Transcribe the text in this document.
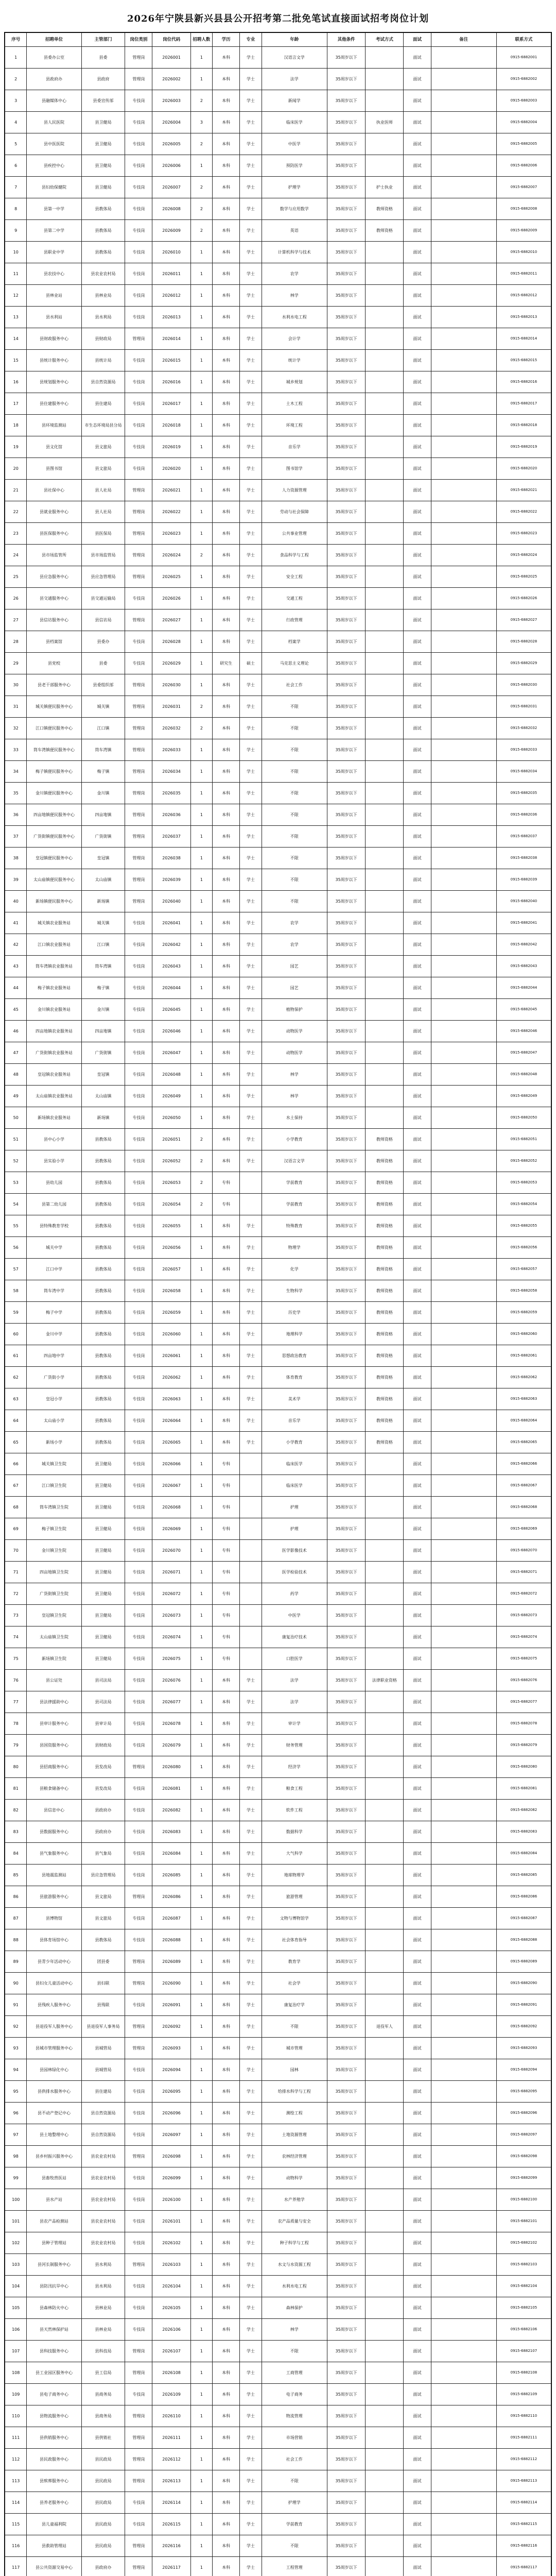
2026年宁陕县新兴县县公开招考第二批免笔试直接面试招考岗位计划
序号	招聘单位	主管部门	岗位类别	岗位代码	招聘人数	学历	专业	年龄	其他条件	考试方式	面试	备注	联系方式
1	县委办公室	县委	管理岗	2026001	1	本科	学士	汉语言文学	35周岁以下		面试		0915-6882001
2	县政府办	县政府	管理岗	2026002	1	本科	学士	法学	35周岁以下		面试		0915-6882002
3	县融媒体中心	县委宣传部	专技岗	2026003	2	本科	学士	新闻学	35周岁以下		面试		0915-6882003
4	县人民医院	县卫健局	专技岗	2026004	3	本科	学士	临床医学	35周岁以下	执业医师	面试		0915-6882004
5	县中医医院	县卫健局	专技岗	2026005	2	本科	学士	中医学	35周岁以下		面试		0915-6882005
6	县疾控中心	县卫健局	专技岗	2026006	1	本科	学士	预防医学	35周岁以下		面试		0915-6882006
7	县妇幼保健院	县卫健局	专技岗	2026007	2	本科	学士	护理学	35周岁以下	护士执业	面试		0915-6882007
8	县第一中学	县教体局	专技岗	2026008	2	本科	学士	数学与应用数学	35周岁以下	教师资格	面试		0915-6882008
9	县第二中学	县教体局	专技岗	2026009	2	本科	学士	英语	35周岁以下	教师资格	面试		0915-6882009
10	县职业中学	县教体局	专技岗	2026010	1	本科	学士	计算机科学与技术	35周岁以下		面试		0915-6882010
11	县农技中心	县农业农村局	专技岗	2026011	1	本科	学士	农学	35周岁以下		面试		0915-6882011
12	县林业站	县林业局	专技岗	2026012	1	本科	学士	林学	35周岁以下		面试		0915-6882012
13	县水利站	县水利局	专技岗	2026013	1	本科	学士	水利水电工程	35周岁以下		面试		0915-6882013
14	县财政服务中心	县财政局	管理岗	2026014	1	本科	学士	会计学	35周岁以下		面试		0915-6882014
15	县统计服务中心	县统计局	专技岗	2026015	1	本科	学士	统计学	35周岁以下		面试		0915-6882015
16	县规划服务中心	县自然资源局	专技岗	2026016	1	本科	学士	城乡规划	35周岁以下		面试		0915-6882016
17	县住建服务中心	县住建局	专技岗	2026017	1	本科	学士	土木工程	35周岁以下		面试		0915-6882017
18	县环境监测站	市生态环境局县分局	专技岗	2026018	1	本科	学士	环境工程	35周岁以下		面试		0915-6882018
19	县文化馆	县文旅局	专技岗	2026019	1	本科	学士	音乐学	35周岁以下		面试		0915-6882019
20	县图书馆	县文旅局	专技岗	2026020	1	本科	学士	图书馆学	35周岁以下		面试		0915-6882020
21	县社保中心	县人社局	管理岗	2026021	1	本科	学士	人力资源管理	35周岁以下		面试		0915-6882021
22	县就业服务中心	县人社局	管理岗	2026022	1	本科	学士	劳动与社会保障	35周岁以下		面试		0915-6882022
23	县医保服务中心	县医保局	管理岗	2026023	1	本科	学士	公共事业管理	35周岁以下		面试		0915-6882023
24	县市场监管所	县市场监管局	管理岗	2026024	2	本科	学士	食品科学与工程	35周岁以下		面试		0915-6882024
25	县应急服务中心	县应急管理局	管理岗	2026025	1	本科	学士	安全工程	35周岁以下		面试		0915-6882025
26	县交通服务中心	县交通运输局	专技岗	2026026	1	本科	学士	交通工程	35周岁以下		面试		0915-6882026
27	县信访服务中心	县信访局	管理岗	2026027	1	本科	学士	行政管理	35周岁以下		面试		0915-6882027
28	县档案馆	县委办	专技岗	2026028	1	本科	学士	档案学	35周岁以下		面试		0915-6882028
29	县党校	县委	专技岗	2026029	1	研究生	硕士	马克思主义理论	35周岁以下		面试		0915-6882029
30	县老干部服务中心	县委组织部	管理岗	2026030	1	本科	学士	社会工作	35周岁以下		面试		0915-6882030
31	城关镇便民服务中心	城关镇	管理岗	2026031	2	本科	学士	不限	35周岁以下		面试		0915-6882031
32	江口镇便民服务中心	江口镇	管理岗	2026032	2	本科	学士	不限	35周岁以下		面试		0915-6882032
33	筒车湾镇便民服务中心	筒车湾镇	管理岗	2026033	1	本科	学士	不限	35周岁以下		面试		0915-6882033
34	梅子镇便民服务中心	梅子镇	管理岗	2026034	1	本科	学士	不限	35周岁以下		面试		0915-6882034
35	金川镇便民服务中心	金川镇	管理岗	2026035	1	本科	学士	不限	35周岁以下		面试		0915-6882035
36	四亩地镇便民服务中心	四亩地镇	管理岗	2026036	1	本科	学士	不限	35周岁以下		面试		0915-6882036
37	广货街镇便民服务中心	广货街镇	管理岗	2026037	1	本科	学士	不限	35周岁以下		面试		0915-6882037
38	皇冠镇便民服务中心	皇冠镇	管理岗	2026038	1	本科	学士	不限	35周岁以下		面试		0915-6882038
39	太山庙镇便民服务中心	太山庙镇	管理岗	2026039	1	本科	学士	不限	35周岁以下		面试		0915-6882039
40	新场镇便民服务中心	新场镇	管理岗	2026040	1	本科	学士	不限	35周岁以下		面试		0915-6882040
41	城关镇农业服务站	城关镇	专技岗	2026041	1	本科	学士	农学	35周岁以下		面试		0915-6882041
42	江口镇农业服务站	江口镇	专技岗	2026042	1	本科	学士	农学	35周岁以下		面试		0915-6882042
43	筒车湾镇农业服务站	筒车湾镇	专技岗	2026043	1	本科	学士	园艺	35周岁以下		面试		0915-6882043
44	梅子镇农业服务站	梅子镇	专技岗	2026044	1	本科	学士	园艺	35周岁以下		面试		0915-6882044
45	金川镇农业服务站	金川镇	专技岗	2026045	1	本科	学士	植物保护	35周岁以下		面试		0915-6882045
46	四亩地镇农业服务站	四亩地镇	专技岗	2026046	1	本科	学士	动物医学	35周岁以下		面试		0915-6882046
47	广货街镇农业服务站	广货街镇	专技岗	2026047	1	本科	学士	动物医学	35周岁以下		面试		0915-6882047
48	皇冠镇农业服务站	皇冠镇	专技岗	2026048	1	本科	学士	林学	35周岁以下		面试		0915-6882048
49	太山庙镇农业服务站	太山庙镇	专技岗	2026049	1	本科	学士	林学	35周岁以下		面试		0915-6882049
50	新场镇农业服务站	新场镇	专技岗	2026050	1	本科	学士	水土保持	35周岁以下		面试		0915-6882050
51	县中心小学	县教体局	专技岗	2026051	2	本科	学士	小学教育	35周岁以下	教师资格	面试		0915-6882051
52	县实验小学	县教体局	专技岗	2026052	2	本科	学士	汉语言文学	35周岁以下	教师资格	面试		0915-6882052
53	县幼儿园	县教体局	专技岗	2026053	2	专科		学前教育	35周岁以下	教师资格	面试		0915-6882053
54	县第二幼儿园	县教体局	专技岗	2026054	2	专科		学前教育	35周岁以下	教师资格	面试		0915-6882054
55	县特殊教育学校	县教体局	专技岗	2026055	1	本科	学士	特殊教育	35周岁以下	教师资格	面试		0915-6882055
56	城关中学	县教体局	专技岗	2026056	1	本科	学士	物理学	35周岁以下	教师资格	面试		0915-6882056
57	江口中学	县教体局	专技岗	2026057	1	本科	学士	化学	35周岁以下	教师资格	面试		0915-6882057
58	筒车湾中学	县教体局	专技岗	2026058	1	本科	学士	生物科学	35周岁以下	教师资格	面试		0915-6882058
59	梅子中学	县教体局	专技岗	2026059	1	本科	学士	历史学	35周岁以下	教师资格	面试		0915-6882059
60	金川中学	县教体局	专技岗	2026060	1	本科	学士	地理科学	35周岁以下	教师资格	面试		0915-6882060
61	四亩地中学	县教体局	专技岗	2026061	1	本科	学士	思想政治教育	35周岁以下	教师资格	面试		0915-6882061
62	广货街小学	县教体局	专技岗	2026062	1	本科	学士	体育教育	35周岁以下	教师资格	面试		0915-6882062
63	皇冠小学	县教体局	专技岗	2026063	1	本科	学士	美术学	35周岁以下	教师资格	面试		0915-6882063
64	太山庙小学	县教体局	专技岗	2026064	1	本科	学士	音乐学	35周岁以下	教师资格	面试		0915-6882064
65	新场小学	县教体局	专技岗	2026065	1	本科	学士	小学教育	35周岁以下	教师资格	面试		0915-6882065
66	城关镇卫生院	县卫健局	专技岗	2026066	1	专科		临床医学	35周岁以下		面试		0915-6882066
67	江口镇卫生院	县卫健局	专技岗	2026067	1	专科		临床医学	35周岁以下		面试		0915-6882067
68	筒车湾镇卫生院	县卫健局	专技岗	2026068	1	专科		护理	35周岁以下		面试		0915-6882068
69	梅子镇卫生院	县卫健局	专技岗	2026069	1	专科		护理	35周岁以下		面试		0915-6882069
70	金川镇卫生院	县卫健局	专技岗	2026070	1	专科		医学影像技术	35周岁以下		面试		0915-6882070
71	四亩地镇卫生院	县卫健局	专技岗	2026071	1	专科		医学检验技术	35周岁以下		面试		0915-6882071
72	广货街镇卫生院	县卫健局	专技岗	2026072	1	专科		药学	35周岁以下		面试		0915-6882072
73	皇冠镇卫生院	县卫健局	专技岗	2026073	1	专科		中医学	35周岁以下		面试		0915-6882073
74	太山庙镇卫生院	县卫健局	专技岗	2026074	1	专科		康复治疗技术	35周岁以下		面试		0915-6882074
75	新场镇卫生院	县卫健局	专技岗	2026075	1	专科		口腔医学	35周岁以下		面试		0915-6882075
76	县公证处	县司法局	专技岗	2026076	1	本科	学士	法学	35周岁以下	法律职业资格	面试		0915-6882076
77	县法律援助中心	县司法局	专技岗	2026077	1	本科	学士	法学	35周岁以下		面试		0915-6882077
78	县审计服务中心	县审计局	专技岗	2026078	1	本科	学士	审计学	35周岁以下		面试		0915-6882078
79	县国资服务中心	县财政局	专技岗	2026079	1	本科	学士	财务管理	35周岁以下		面试		0915-6882079
80	县招商服务中心	县发改局	管理岗	2026080	1	本科	学士	经济学	35周岁以下		面试		0915-6882080
81	县粮食储备中心	县发改局	专技岗	2026081	1	本科	学士	粮食工程	35周岁以下		面试		0915-6882081
82	县信息中心	县政府办	专技岗	2026082	1	本科	学士	软件工程	35周岁以下		面试		0915-6882082
83	县数据服务中心	县政府办	专技岗	2026083	1	本科	学士	数据科学	35周岁以下		面试		0915-6882083
84	县气象服务中心	县气象局	专技岗	2026084	1	本科	学士	大气科学	35周岁以下		面试		0915-6882084
85	县地震监测站	县应急管理局	专技岗	2026085	1	本科	学士	地球物理学	35周岁以下		面试		0915-6882085
86	县旅游服务中心	县文旅局	管理岗	2026086	1	本科	学士	旅游管理	35周岁以下		面试		0915-6882086
87	县博物馆	县文旅局	专技岗	2026087	1	本科	学士	文物与博物馆学	35周岁以下		面试		0915-6882087
88	县体育场馆中心	县教体局	专技岗	2026088	1	本科	学士	社会体育指导	35周岁以下		面试		0915-6882088
89	县青少年活动中心	团县委	管理岗	2026089	1	本科	学士	教育学	35周岁以下		面试		0915-6882089
90	县妇女儿童活动中心	县妇联	管理岗	2026090	1	本科	学士	社会学	35周岁以下		面试		0915-6882090
91	县残疾人服务中心	县残联	专技岗	2026091	1	本科	学士	康复治疗学	35周岁以下		面试		0915-6882091
92	县退役军人服务中心	县退役军人事务局	管理岗	2026092	1	本科	学士	不限	35周岁以下	退役军人	面试		0915-6882092
93	县城市管理服务中心	县城管局	管理岗	2026093	1	本科	学士	城市管理	35周岁以下		面试		0915-6882093
94	县园林绿化中心	县城管局	专技岗	2026094	1	本科	学士	园林	35周岁以下		面试		0915-6882094
95	县供排水服务中心	县住建局	专技岗	2026095	1	本科	学士	给排水科学与工程	35周岁以下		面试		0915-6882095
96	县不动产登记中心	县自然资源局	专技岗	2026096	1	本科	学士	测绘工程	35周岁以下		面试		0915-6882096
97	县土地整理中心	县自然资源局	专技岗	2026097	1	本科	学士	土地资源管理	35周岁以下		面试		0915-6882097
98	县乡村振兴服务中心	县农业农村局	管理岗	2026098	1	本科	学士	农林经济管理	35周岁以下		面试		0915-6882098
99	县畜牧兽医站	县农业农村局	专技岗	2026099	1	本科	学士	动物科学	35周岁以下		面试		0915-6882099
100	县水产站	县农业农村局	专技岗	2026100	1	本科	学士	水产养殖学	35周岁以下		面试		0915-6882100
101	县农产品检测站	县农业农村局	专技岗	2026101	1	本科	学士	农产品质量与安全	35周岁以下		面试		0915-6882101
102	县种子管理站	县农业农村局	专技岗	2026102	1	本科	学士	种子科学与工程	35周岁以下		面试		0915-6882102
103	县河长制服务中心	县水利局	管理岗	2026103	1	本科	学士	水文与水资源工程	35周岁以下		面试		0915-6882103
104	县防汛抗旱中心	县水利局	专技岗	2026104	1	本科	学士	水利水电工程	35周岁以下		面试		0915-6882104
105	县森林防火中心	县林业局	专技岗	2026105	1	本科	学士	森林保护	35周岁以下		面试		0915-6882105
106	县天然林保护站	县林业局	专技岗	2026106	1	本科	学士	林学	35周岁以下		面试		0915-6882106
107	县科技服务中心	县科技局	管理岗	2026107	1	本科	学士	不限	35周岁以下		面试		0915-6882107
108	县工业园区服务中心	县工信局	管理岗	2026108	1	本科	学士	工商管理	35周岁以下		面试		0915-6882108
109	县电子商务中心	县商务局	专技岗	2026109	1	本科	学士	电子商务	35周岁以下		面试		0915-6882109
110	县物流服务中心	县商务局	管理岗	2026110	1	本科	学士	物流管理	35周岁以下		面试		0915-6882110
111	县供销服务中心	县供销社	管理岗	2026111	1	本科	学士	市场营销	35周岁以下		面试		0915-6882111
112	县民政服务中心	县民政局	管理岗	2026112	1	本科	学士	社会工作	35周岁以下		面试		0915-6882112
113	县殡葬服务中心	县民政局	管理岗	2026113	1	本科	学士	不限	35周岁以下		面试		0915-6882113
114	县养老服务中心	县民政局	专技岗	2026114	1	本科	学士	护理学	35周岁以下		面试		0915-6882114
115	县儿童福利院	县民政局	专技岗	2026115	1	本科	学士	学前教育	35周岁以下		面试		0915-6882115
116	县救助管理站	县民政局	管理岗	2026116	1	本科	学士	不限	35周岁以下		面试		0915-6882116
117	县公共资源交易中心	县政府办	管理岗	2026117	1	本科	学士	工程管理	35周岁以下		面试		0915-6882117
